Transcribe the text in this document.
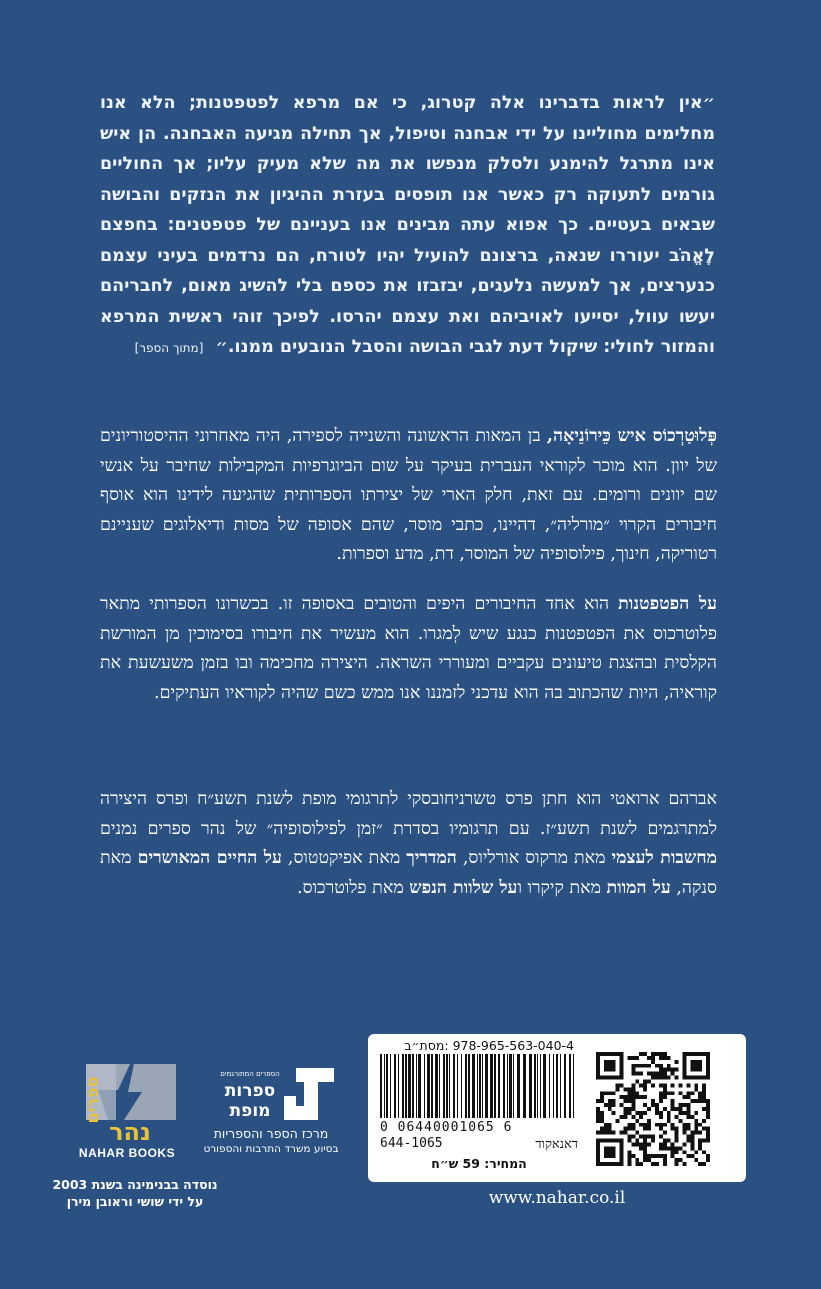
״אין לראות בדברינו אלה קטרוג, כי אם מרפא לפטפטנות; הלא אנו מחלימים מחוליינו על ידי אבחנה וטיפול, אך תחילה מגיעה האבחנה. הן איש אינו מתרגל להימנע ולסלק מנפשו את מה שלא מעיק עליו; אך החוליים גורמים לתעוקה רק כאשר אנו תופסים בעזרת ההיגיון את הנזקים והבושה שבאים בעטיים. כך אפוא עתה מבינים אנו בעניינם של פטפטנים: בחפצם לֶאֱהֹב יעוררו שנאה, ברצונם להועיל יהיו לטורח, הם נרדמים בעיני עצמם כנערצים, אך למעשה נלעגים, יבזבזו את כספם בלי להשיג מאום, לחבריהם יעשו עוול, יסייעו לאויביהם ואת עצמם יהרסו. לפיכך זוהי ראשית המרפא והמזור לחולי: שיקול דעת לגבי הבושה והסבל הנובעים ממנו.״ [מתוך הספר]
פְּלוּטַרְכוֹס איש כֵּירוֹנֵיאָה, בן המאות הראשונה והשנייה לספירה, היה מאחרוני ההיסטוריונים של יוון. הוא מוכר לקוראי העברית בעיקר על שום הביוגרפיות המקבילות שחיבר על אנשי שם יוונים ורומים. עם זאת, חלק הארי של יצירתו הספרותית שהגיעה לידינו הוא אוסף חיבורים הקרוי ״מורליה״, דהיינו, כתבי מוסר, שהם אסופה של מסות ודיאלוגים שעניינם רטוריקה, חינוך, פילוסופיה של המוסר, דת, מדע וספרות.
על הפטפטנות הוא אחד החיבורים היפים והטובים באסופה זו. בכשרונו הספרותי מתאר פלוטרכוס את הפטפטנות כנגע שיש לְמגרו. הוא מעשיר את חיבורו בסימוכין מן המורשת הקלסית ובהצגת טיעונים עקביים ומעוררי השראה. היצירה מחכימה ובו בזמן משעשעת את קוראיה, היות שהכתוב בה הוא עדכני לזמננו אנו ממש כשם שהיה לקוראיו העתיקים.
אברהם ארואטי הוא חתן פרס טשרניחובסקי לתרגומי מופת לשנת תשע״ח ופרס היצירה למתרגמים לשנת תשע״ז. עם תרגומיו בסדרת ״זמן לפילוסופיה״ של נהר ספרים נמנים מחשבות לעצמי מאת מרקוס אורליוס, המדריך מאת אפיקטטוס, על החיים המאושרים מאת סנקה, על המוות מאת קיקרו ועל שלוות הנפש מאת פלוטרכוס.
ספרים
נהר
NAHAR BOOKS
הספרים המתורגמים
ספרות
מופת
מרכז הספר והספריות
בסיוע משרד התרבות והספורט
נוסדה בבנימינה בשנת 2003
על ידי שושי וראובן מירן
מסת״ב: 978-965-563-040-4
0 06440001065 6
644-1065	דאנאקוד
המחיר: 59 ש״ח
www.nahar.co.il
